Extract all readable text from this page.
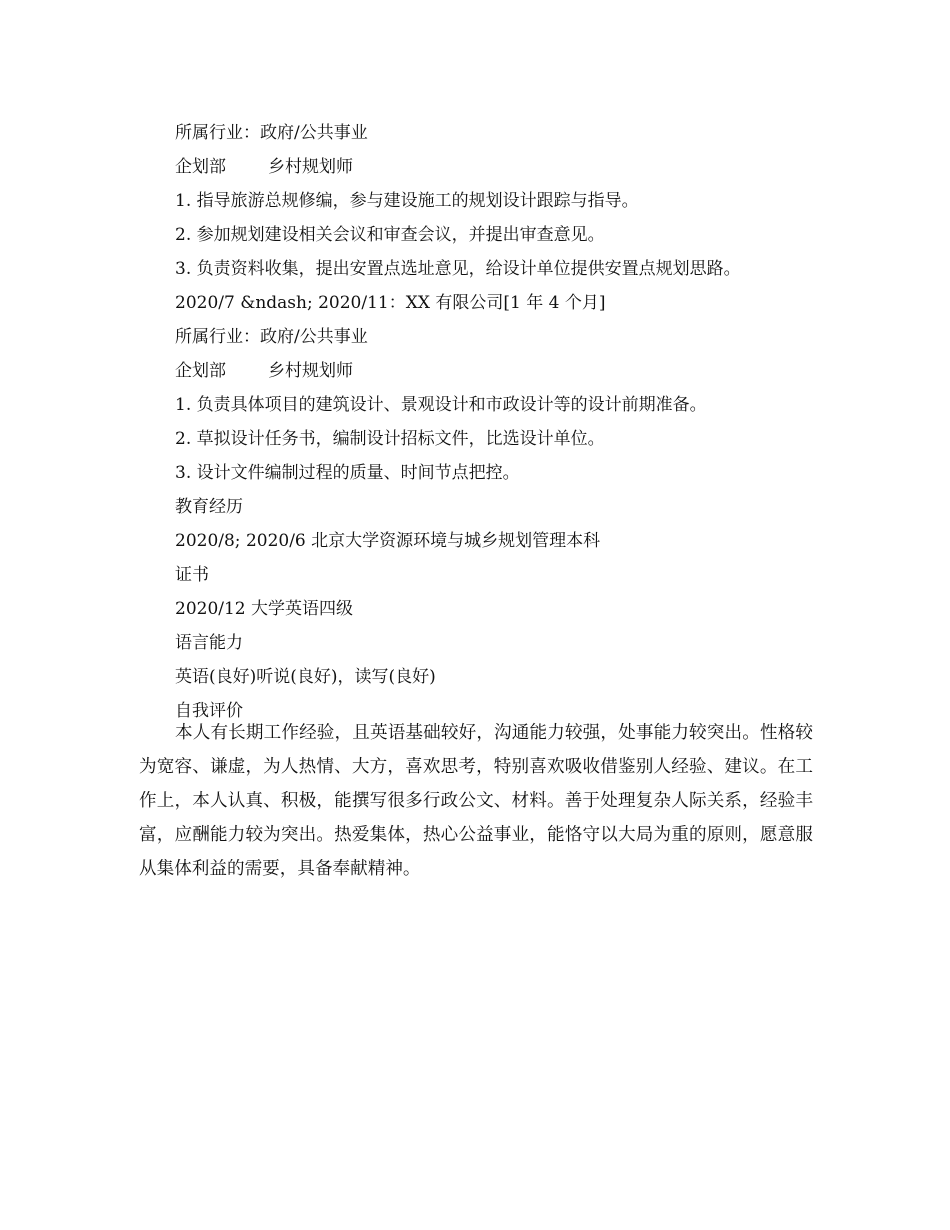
所属行业：政府/公共事业
企划部 乡村规划师
1. 指导旅游总规修编，参与建设施工的规划设计跟踪与指导。
2. 参加规划建设相关会议和审查会议，并提出审查意见。
3. 负责资料收集，提出安置点选址意见，给设计单位提供安置点规划思路。
2020/7 &ndash; 2020/11：XX 有限公司[1 年 4 个月]
所属行业：政府/公共事业
企划部 乡村规划师
1. 负责具体项目的建筑设计、景观设计和市政设计等的设计前期准备。
2. 草拟设计任务书，编制设计招标文件，比选设计单位。
3. 设计文件编制过程的质量、时间节点把控。
教育经历
2020/8; 2020/6 北京大学资源环境与城乡规划管理本科
证书
2020/12 大学英语四级
语言能力
英语(良好)听说(良好)，读写(良好)
自我评价
本人有长期工作经验，且英语基础较好，沟通能力较强，处事能力较突出。性格较为宽容、谦虚，为人热情、大方，喜欢思考，特别喜欢吸收借鉴别人经验、建议。在工作上，本人认真、积极，能撰写很多行政公文、材料。善于处理复杂人际关系，经验丰富，应酬能力较为突出。热爱集体，热心公益事业，能恪守以大局为重的原则，愿意服从集体利益的需要，具备奉献精神。
